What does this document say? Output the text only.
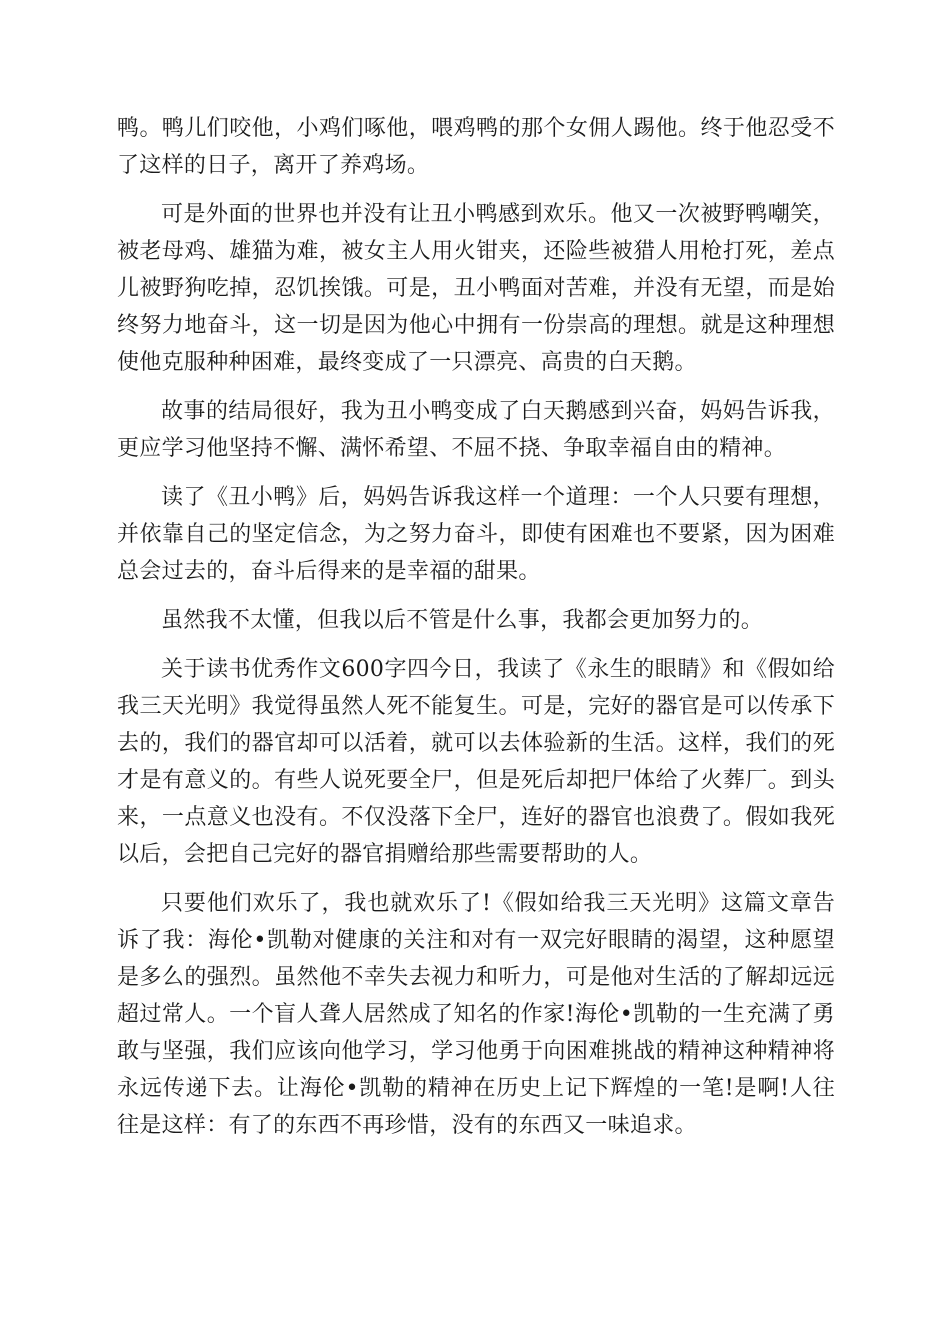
鸭。鸭儿们咬他，小鸡们啄他，喂鸡鸭的那个女佣人踢他。终于他忍受不了这样的日子，离开了养鸡场。

可是外面的世界也并没有让丑小鸭感到欢乐。他又一次被野鸭嘲笑，被老母鸡、雄猫为难，被女主人用火钳夹，还险些被猎人用枪打死，差点儿被野狗吃掉，忍饥挨饿。可是，丑小鸭面对苦难，并没有无望，而是始终努力地奋斗，这一切是因为他心中拥有一份崇高的理想。就是这种理想使他克服种种困难，最终变成了一只漂亮、高贵的白天鹅。

故事的结局很好，我为丑小鸭变成了白天鹅感到兴奋，妈妈告诉我，更应学习他坚持不懈、满怀希望、不屈不挠、争取幸福自由的精神。

读了《丑小鸭》后，妈妈告诉我这样一个道理：一个人只要有理想，并依靠自己的坚定信念，为之努力奋斗，即使有困难也不要紧，因为困难总会过去的，奋斗后得来的是幸福的甜果。

虽然我不太懂，但我以后不管是什么事，我都会更加努力的。

关于读书优秀作文600字四今日，我读了《永生的眼睛》和《假如给我三天光明》我觉得虽然人死不能复生。可是，完好的器官是可以传承下去的，我们的器官却可以活着，就可以去体验新的生活。这样，我们的死才是有意义的。有些人说死要全尸，但是死后却把尸体给了火葬厂。到头来，一点意义也没有。不仅没落下全尸，连好的器官也浪费了。假如我死以后，会把自己完好的器官捐赠给那些需要帮助的人。

只要他们欢乐了，我也就欢乐了!《假如给我三天光明》这篇文章告诉了我：海伦•凯勒对健康的关注和对有一双完好眼睛的渴望，这种愿望是多么的强烈。虽然他不幸失去视力和听力，可是他对生活的了解却远远超过常人。一个盲人聋人居然成了知名的作家!海伦•凯勒的一生充满了勇敢与坚强，我们应该向他学习，学习他勇于向困难挑战的精神这种精神将永远传递下去。让海伦•凯勒的精神在历史上记下辉煌的一笔!是啊!人往往是这样：有了的东西不再珍惜，没有的东西又一味追求。
